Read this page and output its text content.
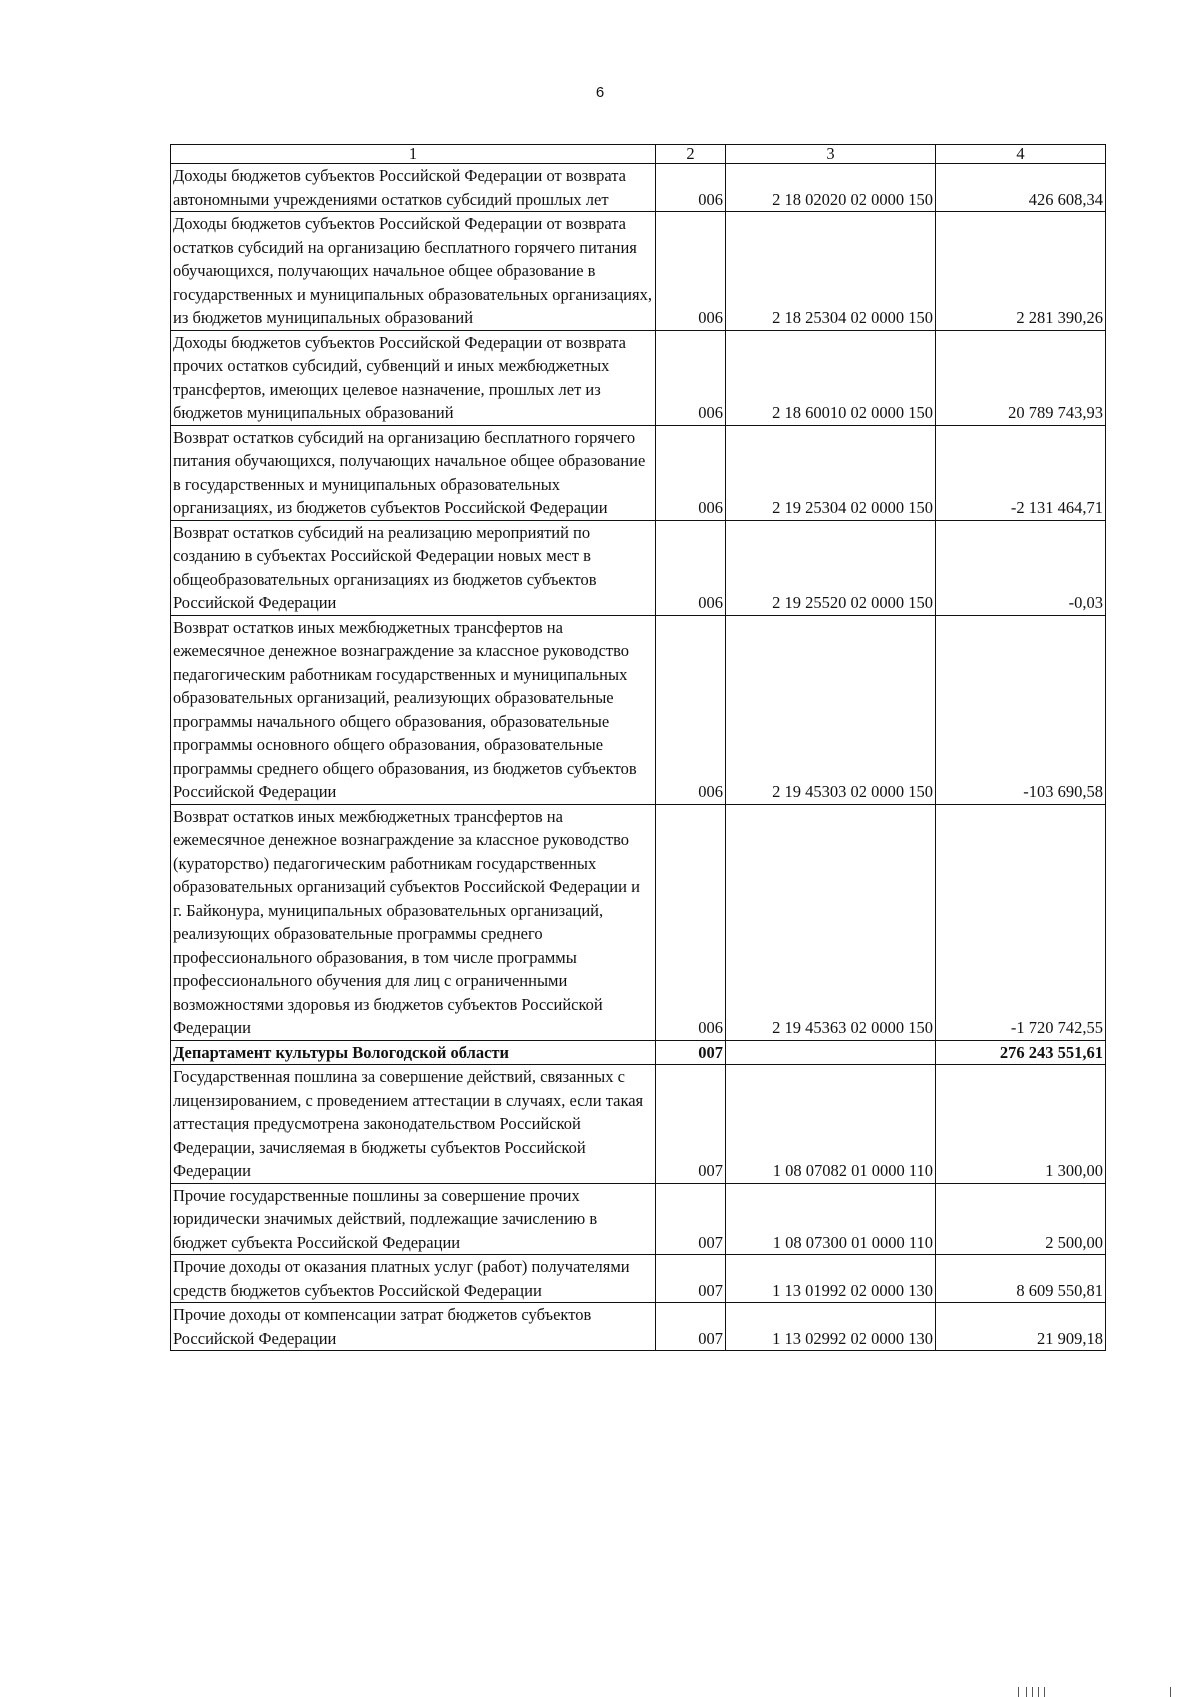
6
1	2	3	4
Доходы бюджетов субъектов Российской Федерации от возврата автономными учреждениями остатков субсидий прошлых лет	006	2 18 02020 02 0000 150	426 608,34
Доходы бюджетов субъектов Российской Федерации от возврата остатков субсидий на организацию бесплатного горячего питания обучающихся, получающих начальное общее образование в государственных и муниципальных образовательных организациях, из бюджетов муниципальных образований	006	2 18 25304 02 0000 150	2 281 390,26
Доходы бюджетов субъектов Российской Федерации от возврата прочих остатков субсидий, субвенций и иных межбюджетных трансфертов, имеющих целевое назначение, прошлых лет из бюджетов муниципальных образований	006	2 18 60010 02 0000 150	20 789 743,93
Возврат остатков субсидий на организацию бесплатного горячего питания обучающихся, получающих начальное общее образование в государственных и муниципальных образовательных организациях, из бюджетов субъектов Российской Федерации	006	2 19 25304 02 0000 150	-2 131 464,71
Возврат остатков субсидий на реализацию мероприятий по созданию в субъектах Российской Федерации новых мест в общеобразовательных организациях из бюджетов субъектов Российской Федерации	006	2 19 25520 02 0000 150	-0,03
Возврат остатков иных межбюджетных трансфертов на ежемесячное денежное вознаграждение за классное руководство педагогическим работникам государственных и муниципальных образовательных организаций, реализующих образовательные программы начального общего образования, образовательные программы основного общего образования, образовательные программы среднего общего образования, из бюджетов субъектов Российской Федерации	006	2 19 45303 02 0000 150	-103 690,58
Возврат остатков иных межбюджетных трансфертов на ежемесячное денежное вознаграждение за классное руководство (кураторство) педагогическим работникам государственных образовательных организаций субъектов Российской Федерации и г. Байконура, муниципальных образовательных организаций, реализующих образовательные программы среднего профессионального образования, в том числе программы профессионального обучения для лиц с ограниченными возможностями здоровья из бюджетов субъектов Российской Федерации	006	2 19 45363 02 0000 150	-1 720 742,55
Департамент культуры Вологодской области	007		276 243 551,61
Государственная пошлина за совершение действий, связанных с лицензированием, с проведением аттестации в случаях, если такая аттестация предусмотрена законодательством Российской Федерации, зачисляемая в бюджеты субъектов Российской Федерации	007	1 08 07082 01 0000 110	1 300,00
Прочие государственные пошлины за совершение прочих юридически значимых действий, подлежащие зачислению в бюджет субъекта Российской Федерации	007	1 08 07300 01 0000 110	2 500,00
Прочие доходы от оказания платных услуг (работ) получателями средств бюджетов субъектов Российской Федерации	007	1 13 01992 02 0000 130	8 609 550,81
Прочие доходы от компенсации затрат бюджетов субъектов Российской Федерации	007	1 13 02992 02 0000 130	21 909,18
